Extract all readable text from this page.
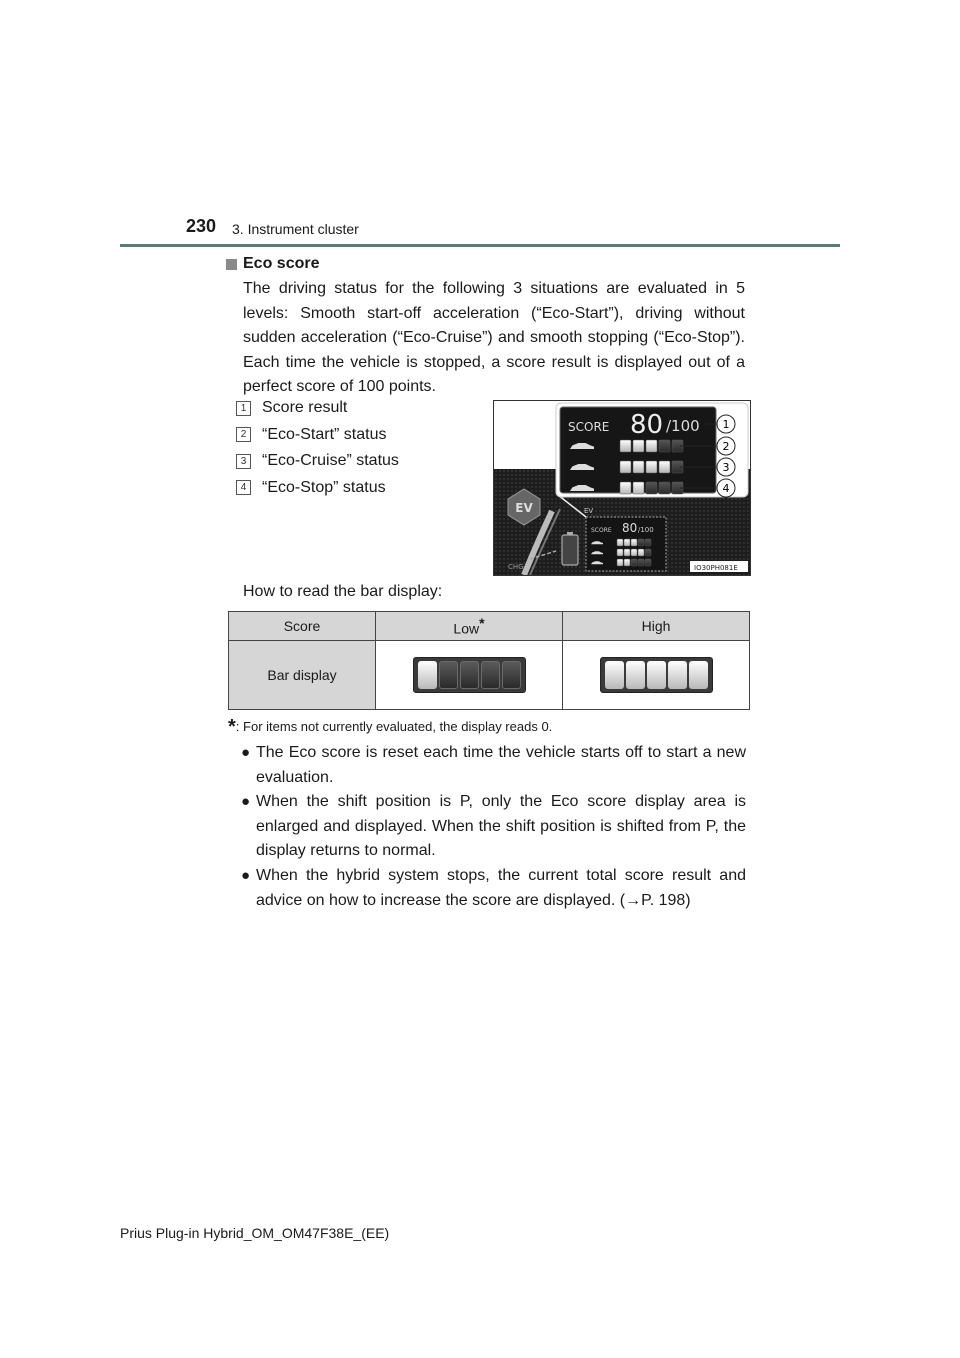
230 3. Instrument cluster
Eco score
The driving status for the following 3 situations are evaluated in 5 levels: Smooth start-off acceleration (“Eco-Start”), driving without sudden acceleration (“Eco-Cruise”) and smooth stopping (“Eco-Stop”). Each time the vehicle is stopped, a score result is displayed out of a perfect score of 100 points.
1 Score result
2 “Eco-Start” status
3 “Eco-Cruise” status
4 “Eco-Stop” status
EV
CHG
EV
SCORE 80 /100
SCORE 80 /100 1
2
3
4
IO30PH081E
How to read the bar display:
Score	Low*	High
Bar display	

*: For items not currently evaluated, the display reads 0.
● The Eco score is reset each time the vehicle starts off to start a new evaluation.
● When the shift position is P, only the Eco score display area is enlarged and displayed. When the shift position is shifted from P, the display returns to normal.
● When the hybrid system stops, the current total score result and advice on how to increase the score are displayed. (→P. 198)
Prius Plug-in Hybrid_OM_OM47F38E_(EE)
